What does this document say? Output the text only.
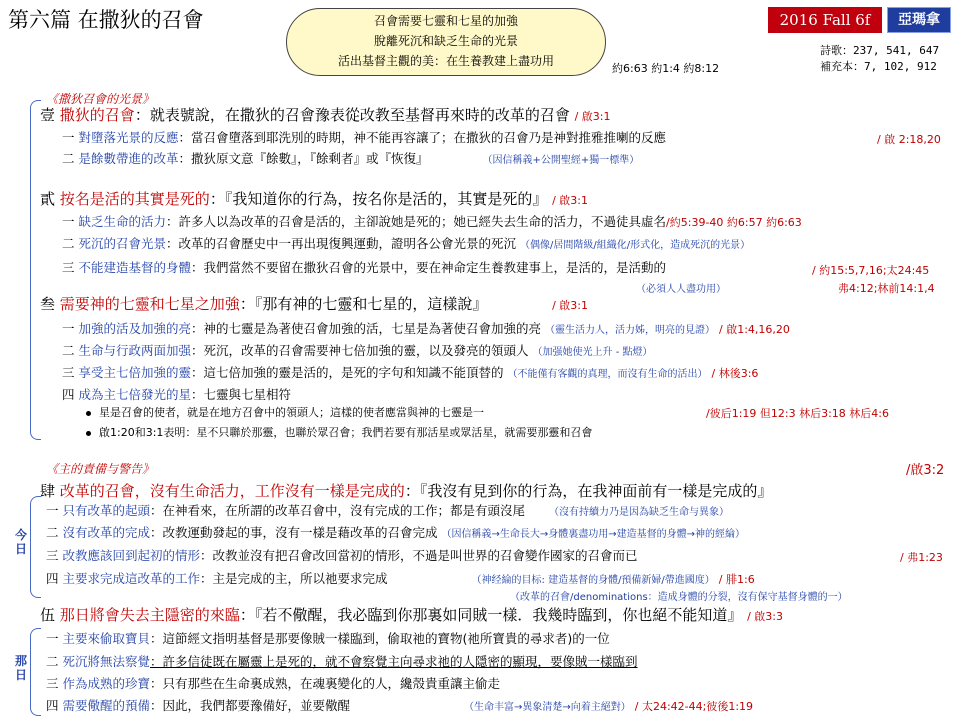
第六篇 在撒狄的召會	召會需要七靈和七星的加強
脫離死沉和缺乏生命的光景
活出基督主觀的美：在生養教建上盡功用
約6:63 約1:4 約8:12
2016 Fall 6f	亞瑪拿
詩歌：237, 541, 647
補充本：7, 102, 912
《撒狄召會的光景》
壹 撒狄的召會：就表號說，在撒狄的召會豫表從改教至基督再來時的改革的召會 / 啟3:1
一 對墮落光景的反應：當召會墮落到耶洗別的時期，神不能再容讓了；在撒狄的召會乃是神對推雅推喇的反應	/ 啟 2:18,20
二 是餘數帶進的改革：撒狄原文意『餘數』，『餘剩者』或『恢復』	（因信稱義+公開聖經+獨一標準）
貳 按名是活的其實是死的：『我知道你的行為，按名你是活的，其實是死的』 / 啟3:1
一 缺乏生命的活力：許多人以為改革的召會是活的，主卻說她是死的；她已經失去生命的活力，不過徒具虛名/約5:39-40 約6:57 約6:63
二 死沉的召會光景：改革的召會歷史中一再出現復興運動，證明各公會光景的死沉 （偶像/居間階級/組織化/形式化，造成死沉的光景）
三 不能建造基督的身體：我們當然不要留在撒狄召會的光景中，要在神命定生養教建事上，是活的，是活動的	/ 約15:5,7,16;太24:45
（必須人人盡功用）	弗4:12;林前14:1,4
叁 需要神的七靈和七星之加強：『那有神的七靈和七星的，這樣說』	/ 啟3:1
一 加強的活及加強的亮：神的七靈是為著使召會加強的活，七星是為著使召會加強的亮 （靈生活力人，活力姊，明亮的見證） / 啟1:4,16,20
二 生命与行政两面加强：死沉，改革的召會需要神七倍加強的靈，以及發亮的領頭人 （加强她使光上升 - 點燈）
三 享受主七倍加強的靈：這七倍加強的靈是活的，是死的字句和知識不能頂替的 （不能僅有客觀的真理，而沒有生命的活出） / 林後3:6
四 成為主七倍發光的星：七靈與七星相符
星是召會的使者，就是在地方召會中的領頭人；這樣的使者應當與神的七靈是一	/彼后1:19 但12:3 林后3:18 林后4:6
啟1:20和3:1表明：星不只聯於那靈，也聯於眾召會；我們若要有那活星或眾活星，就需要那靈和召會
《主的責備与警告》	/啟3:2
今日
肆 改革的召會，沒有生命活力，工作沒有一樣是完成的：『我沒有見到你的行為，在我神面前有一樣是完成的』
一 只有改革的起頭：在神看來，在所謂的改革召會中，沒有完成的工作；都是有頭沒尾 （沒有持續力乃是因為缺乏生命与異象）
二 沒有改革的完成：改教運動發起的事，沒有一樣是藉改革的召會完成 （因信稱義→生命長大→身體裏盡功用→建造基督的身體→神的經綸）
三 改教應該回到起初的情形：改教並沒有把召會改回當初的情形，不過是叫世界的召會變作國家的召會而已	/ 弗1:23
四 主要求完成這改革的工作：主是完成的主，所以祂要求完成	（神经綸的目标: 建造基督的身體/預備新婦/帶進國度） / 腓1:6
（改革的召會/denominations：造成身體的分裂，沒有保守基督身體的一）
那日
伍 那日將會失去主隱密的來臨：『若不儆醒，我必臨到你那裏如同賊一樣．我幾時臨到，你也絕不能知道』 / 啟3:3
一 主要來偷取寶貝：這節經文指明基督是那要像賊一樣臨到，偷取祂的寶物(祂所寶貴的尋求者)的一位
二 死沉將無法察覺：許多信徒既在屬靈上是死的，就不會察覺主向尋求祂的人隱密的顯現，要像賊一樣臨到
三 作為成熟的珍寶：只有那些在生命裏成熟，在魂裏變化的人，纔殼貴重讓主偷走
四 需要儆醒的預備：因此，我們都要豫備好，並要儆醒	（生命丰富→異象清楚→向着主絕對） / 太24:42-44;彼後1:19
